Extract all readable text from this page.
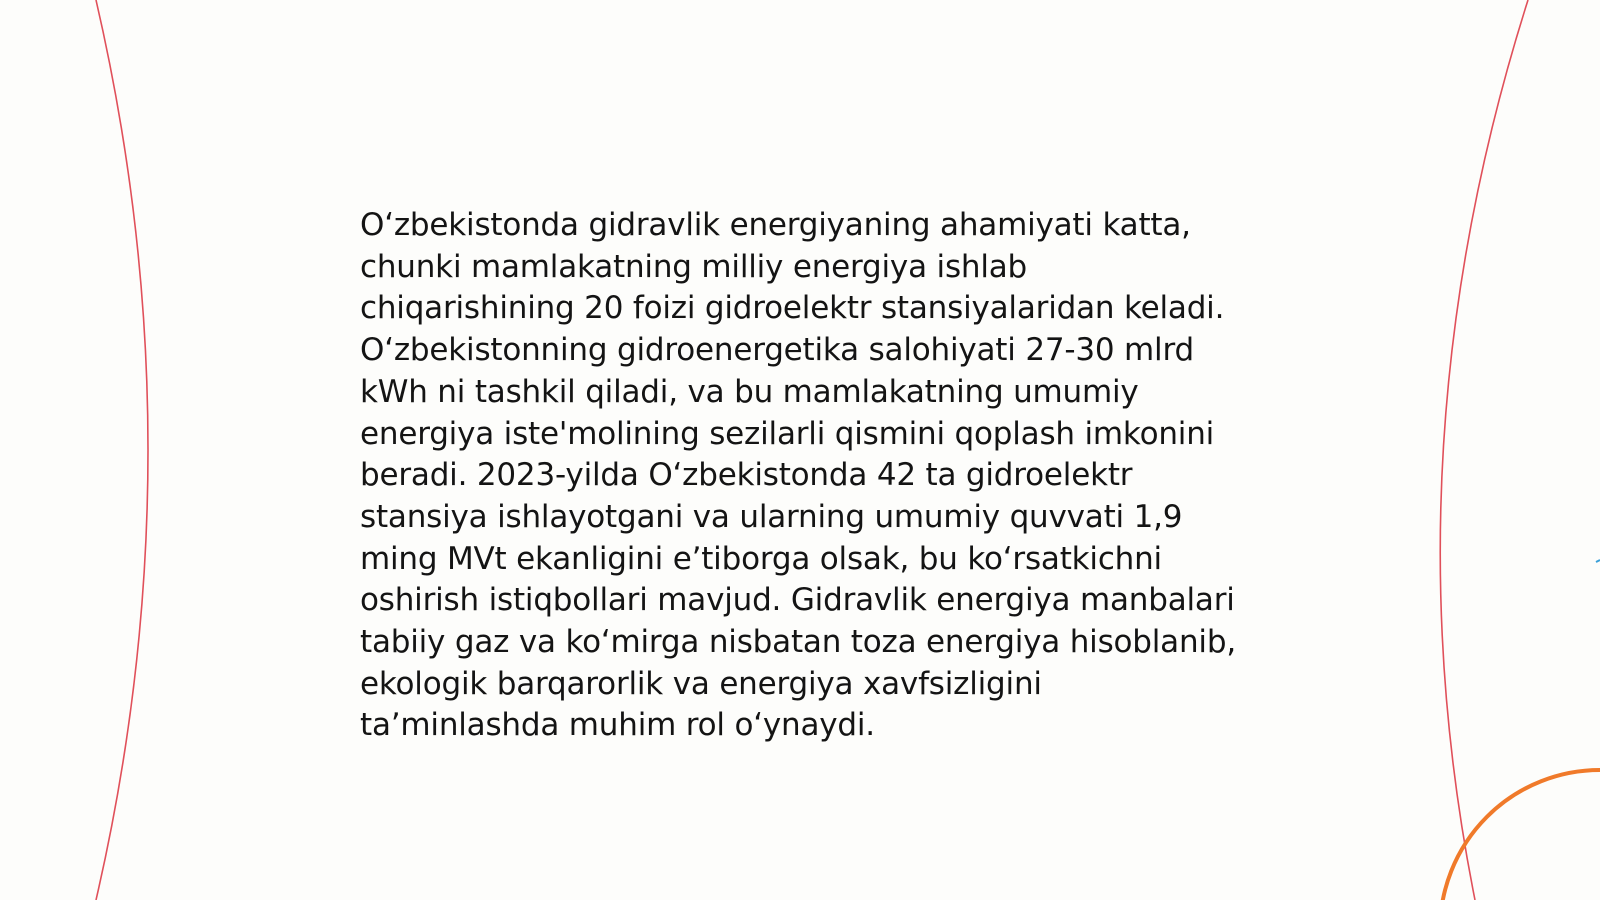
O‘zbekistonda gidravlik energiyaning ahamiyati katta, chunki mamlakatning milliy energiya ishlab chiqarishining 20 foizi gidroelektr stansiyalaridan keladi. O‘zbekistonning gidroenergetika salohiyati 27-30 mlrd kWh ni tashkil qiladi, va bu mamlakatning umumiy energiya iste'molining sezilarli qismini qoplash imkonini beradi. 2023-yilda O‘zbekistonda 42 ta gidroelektr stansiya ishlayotgani va ularning umumiy quvvati 1,9 ming MVt ekanligini e’tiborga olsak, bu ko‘rsatkichni oshirish istiqbollari mavjud. Gidravlik energiya manbalari tabiiy gaz va ko‘mirga nisbatan toza energiya hisoblanib, ekologik barqarorlik va energiya xavfsizligini ta’minlashda muhim rol o‘ynaydi.
